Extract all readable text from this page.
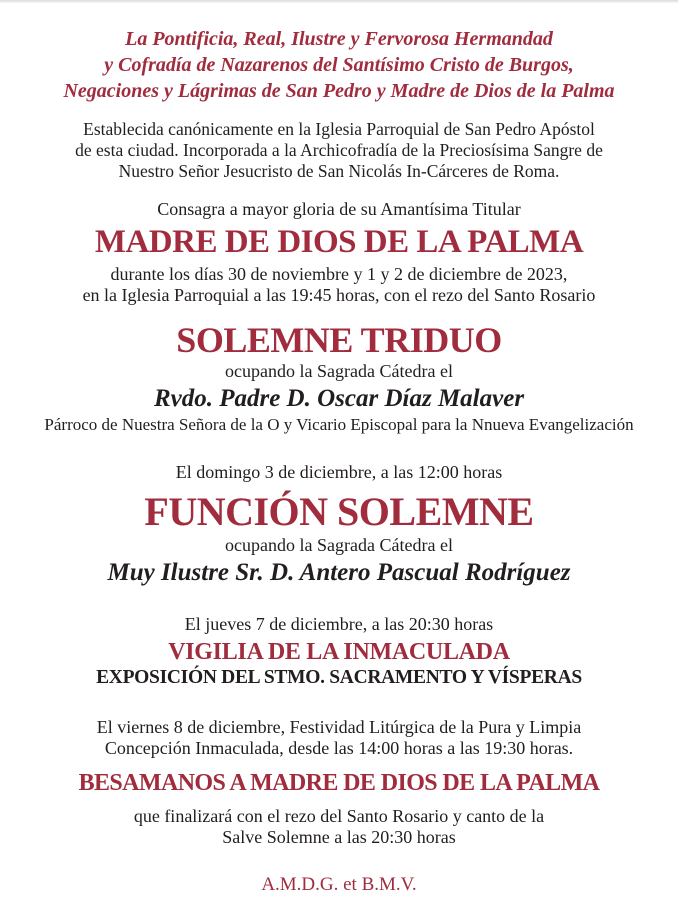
La Pontificia, Real, Ilustre y Fervorosa Hermandad
y Cofradía de Nazarenos del Santísimo Cristo de Burgos,
Negaciones y Lágrimas de San Pedro y Madre de Dios de la Palma
Establecida canónicamente en la Iglesia Parroquial de San Pedro Apóstol
de esta ciudad. Incorporada a la Archicofradía de la Preciosísima Sangre de
Nuestro Señor Jesucristo de San Nicolás In-Cárceres de Roma.
Consagra a mayor gloria de su Amantísima Titular
MADRE DE DIOS DE LA PALMA
durante los días 30 de noviembre y 1 y 2 de diciembre de 2023,
en la Iglesia Parroquial a las 19:45 horas, con el rezo del Santo Rosario
SOLEMNE TRIDUO
ocupando la Sagrada Cátedra el
Rvdo. Padre D. Oscar Díaz Malaver
Párroco de Nuestra Señora de la O y Vicario Episcopal para la Nnueva Evangelización
El domingo 3 de diciembre, a las 12:00 horas
FUNCIÓN SOLEMNE
ocupando la Sagrada Cátedra el
Muy Ilustre Sr. D. Antero Pascual Rodríguez
El jueves 7 de diciembre, a las 20:30 horas
VIGILIA DE LA INMACULADA
EXPOSICIÓN DEL STMO. SACRAMENTO Y VÍSPERAS
El viernes 8 de diciembre, Festividad Litúrgica de la Pura y Limpia
Concepción Inmaculada, desde las 14:00 horas a las 19:30 horas.
BESAMANOS A MADRE DE DIOS DE LA PALMA
que finalizará con el rezo del Santo Rosario y canto de la
Salve Solemne a las 20:30 horas
A.M.D.G. et B.M.V.
